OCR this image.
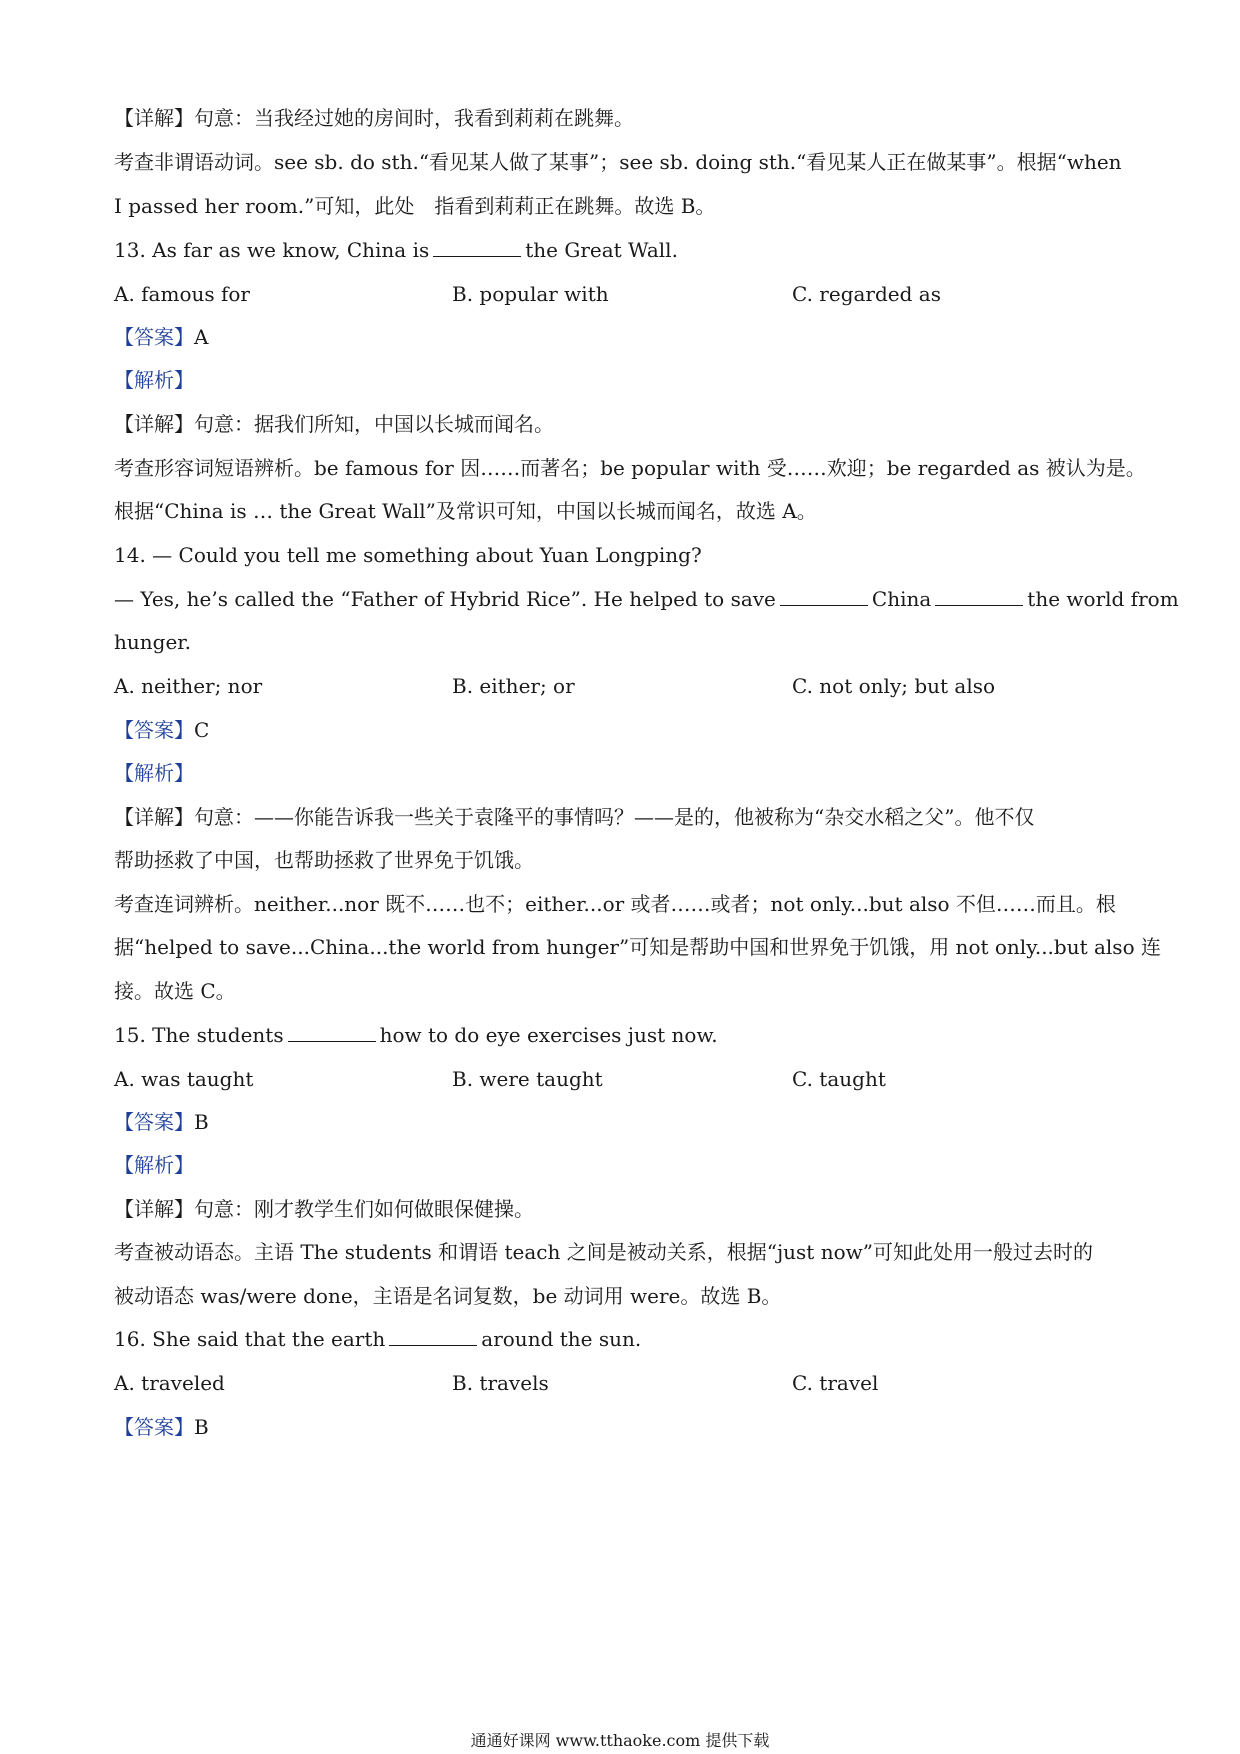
【详解】句意：当我经过她的房间时，我看到莉莉在跳舞。
考查非谓语动词。see sb. do sth.“看见某人做了某事”；see sb. doing sth.“看见某人正在做某事”。根据“when
I passed her room.”可知，此处　指看到莉莉正在跳舞。故选 B。
13. As far as we know, China is	the Great Wall.
A. famous for	B. popular with	C. regarded as
【答案】A
【解析】
【详解】句意：据我们所知，中国以长城而闻名。
考查形容词短语辨析。be famous for 因……而著名；be popular with 受……欢迎；be regarded as 被认为是。
根据“China is … the Great Wall”及常识可知，中国以长城而闻名，故选 A。
14. — Could you tell me something about Yuan Longping?
— Yes, he’s called the “Father of Hybrid Rice”. He helped to save	China	the world from
hunger.
A. neither; nor	B. either; or	C. not only; but also
【答案】C
【解析】
【详解】句意：——你能告诉我一些关于袁隆平的事情吗？——是的，他被称为“杂交水稻之父”。他不仅
帮助拯救了中国，也帮助拯救了世界免于饥饿。
考查连词辨析。neither...nor 既不……也不；either...or 或者……或者；not only...but also 不但……而且。根
据“helped to save...China...the world from hunger”可知是帮助中国和世界免于饥饿，用 not only...but also 连
接。故选 C。
15. The students	how to do eye exercises just now.
A. was taught	B. were taught	C. taught
【答案】B
【解析】
【详解】句意：刚才教学生们如何做眼保健操。
考查被动语态。主语 The students 和谓语 teach 之间是被动关系，根据“just now”可知此处用一般过去时的
被动语态 was/were done，主语是名词复数，be 动词用 were。故选 B。
16. She said that the earth	around the sun.
A. traveled	B. travels	C. travel
【答案】B
通通好课网 www.tthaoke.com 提供下载
